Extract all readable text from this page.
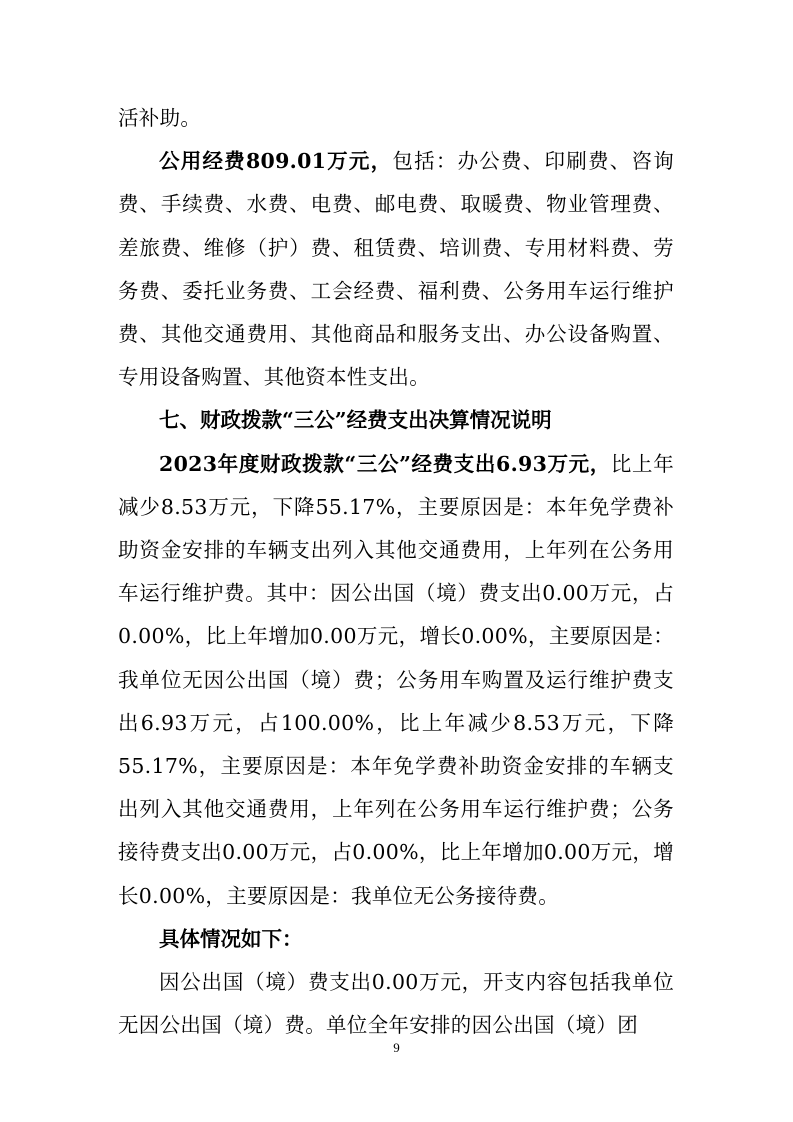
活补助。

公用经费809.01万元，包括：办公费、印刷费、咨询费、手续费、水费、电费、邮电费、取暖费、物业管理费、差旅费、维修（护）费、租赁费、培训费、专用材料费、劳务费、委托业务费、工会经费、福利费、公务用车运行维护费、其他交通费用、其他商品和服务支出、办公设备购置、专用设备购置、其他资本性支出。

七、财政拨款“三公”经费支出决算情况说明

2023年度财政拨款“三公”经费支出6.93万元，比上年减少8.53万元，下降55.17%，主要原因是：本年免学费补助资金安排的车辆支出列入其他交通费用，上年列在公务用车运行维护费。其中：因公出国（境）费支出0.00万元，占0.00%，比上年增加0.00万元，增长0.00%，主要原因是：我单位无因公出国（境）费；公务用车购置及运行维护费支出6.93万元，占100.00%，比上年减少8.53万元，下降55.17%，主要原因是：本年免学费补助资金安排的车辆支出列入其他交通费用，上年列在公务用车运行维护费；公务接待费支出0.00万元，占0.00%，比上年增加0.00万元，增长0.00%，主要原因是：我单位无公务接待费。

具体情况如下：

因公出国（境）费支出0.00万元，开支内容包括我单位无因公出国（境）费。单位全年安排的因公出国（境）团

9
